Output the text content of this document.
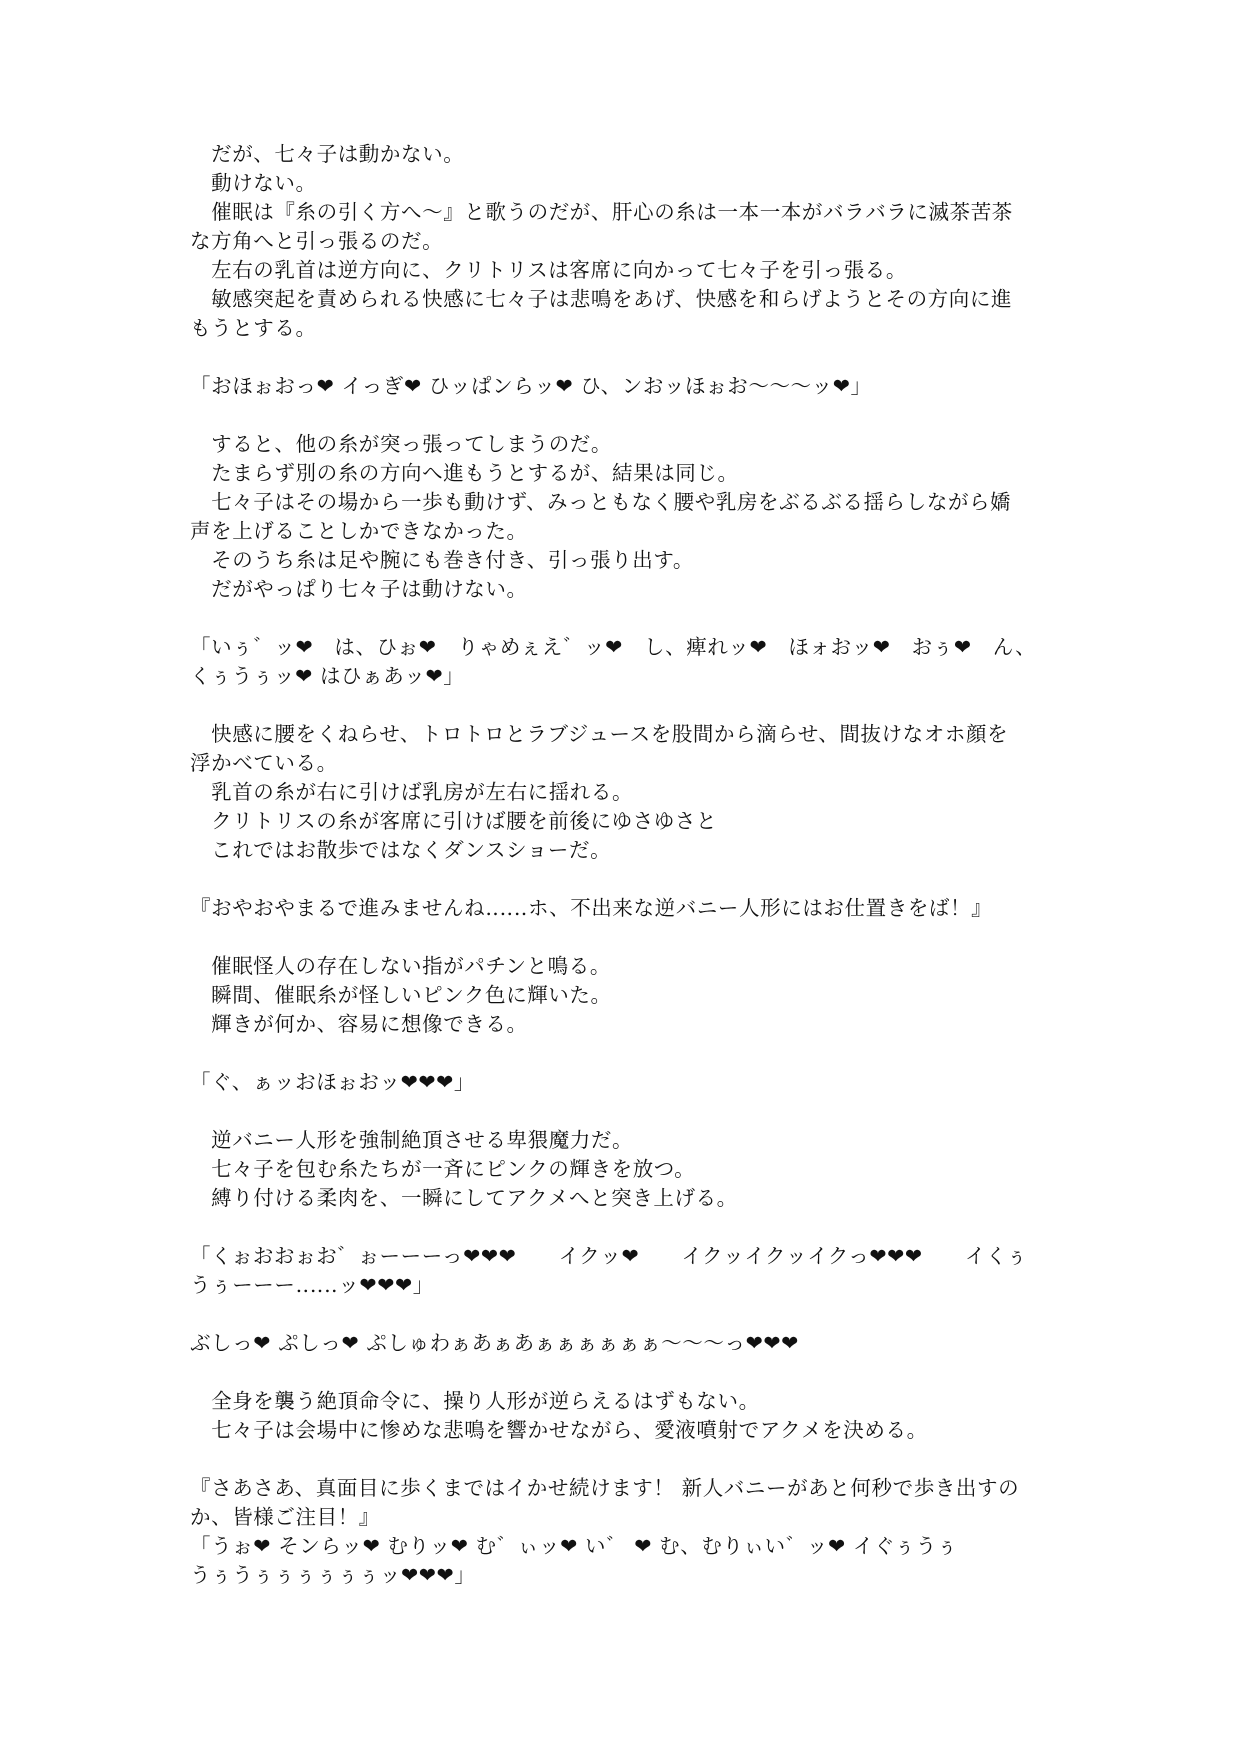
　だが、七々子は動かない。
　動けない。
　催眠は『糸の引く方へ～』と歌うのだが、肝心の糸は一本一本がバラバラに滅茶苦茶
な方角へと引っ張るのだ。
　左右の乳首は逆方向に、クリトリスは客席に向かって七々子を引っ張る。
　敏感突起を責められる快感に七々子は悲鳴をあげ、快感を和らげようとその方向に進
もうとする。
「おほぉおっ❤ イっぎ❤ ひッぱンらッ❤ ひ、ンおッほぉお～～～ッ❤」
　すると、他の糸が突っ張ってしまうのだ。
　たまらず別の糸の方向へ進もうとするが、結果は同じ。
　七々子はその場から一歩も動けず、みっともなく腰や乳房をぶるぶる揺らしながら嬌
声を上げることしかできなかった。
　そのうち糸は足や腕にも巻き付き、引っ張り出す。
　だがやっぱり七々子は動けない。
「いぅ゛ッ❤　は、ひぉ❤　りゃめぇえ゛ッ❤　し、痺れッ❤　ほォおッ❤　おぅ❤　ん、
くぅうぅッ❤ はひぁあッ❤」
　快感に腰をくねらせ、トロトロとラブジュースを股間から滴らせ、間抜けなオホ顔を
浮かべている。
　乳首の糸が右に引けば乳房が左右に揺れる。
　クリトリスの糸が客席に引けば腰を前後にゆさゆさと
　これではお散歩ではなくダンスショーだ。
『おやおやまるで進みませんね‥‥‥ホ、不出来な逆バニー人形にはお仕置きをば！』
　催眠怪人の存在しない指がパチンと鳴る。
　瞬間、催眠糸が怪しいピンク色に輝いた。
　輝きが何か、容易に想像できる。
「ぐ、ぁッおほぉおッ❤❤❤」
　逆バニー人形を強制絶頂させる卑猥魔力だ。
　七々子を包む糸たちが一斉にピンクの輝きを放つ。
　縛り付ける柔肉を、一瞬にしてアクメへと突き上げる。
「くぉおおぉお゛ぉーーーっ❤❤❤　　イクッ❤　　イクッイクッイクっ❤❤❤　　イくぅ
うぅーーー‥‥‥ッ❤❤❤」
ぶしっ❤ ぷしっ❤ ぷしゅわぁあぁあぁぁぁぁぁぁ～～～っ❤❤❤
　全身を襲う絶頂命令に、操り人形が逆らえるはずもない。
　七々子は会場中に惨めな悲鳴を響かせながら、愛液噴射でアクメを決める。
『さあさあ、真面目に歩くまではイかせ続けます！ 新人バニーがあと何秒で歩き出すの
か、皆様ご注目！』
「うぉ❤ そンらッ❤ むりッ❤ む゛ぃッ❤ い゛ ❤ む、むりぃい゛ッ❤ イぐぅうぅ
うぅうぅぅぅぅぅぅッ❤❤❤」
